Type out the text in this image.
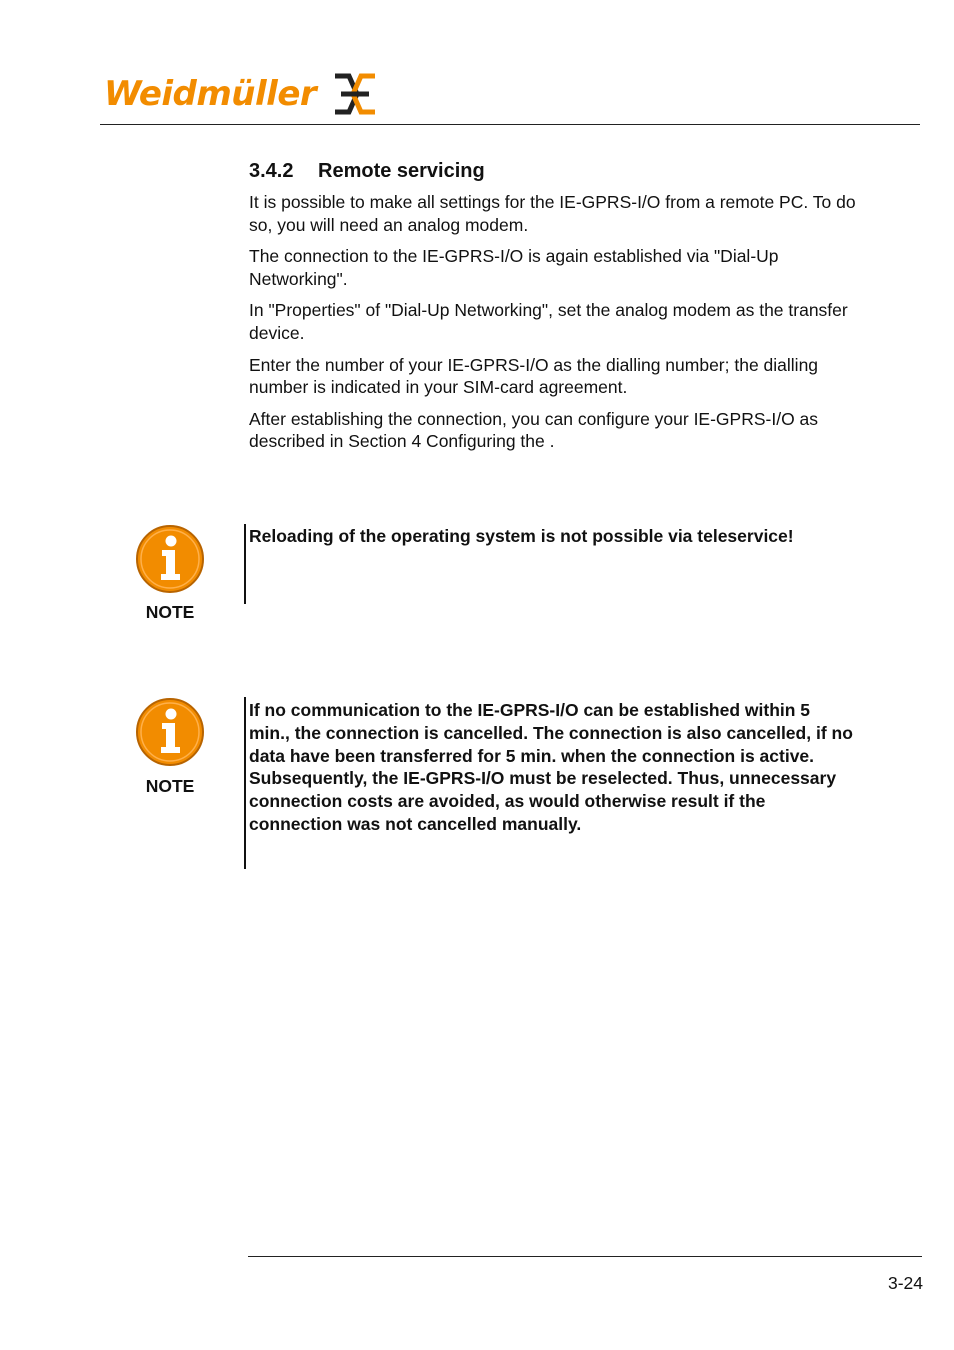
Weidmüller
3.4.2 Remote servicing

It is possible to make all settings for the IE-GPRS-I/O from a remote PC. To do so, you will need an analog modem.

The connection to the IE-GPRS-I/O is again established via "Dial-Up Networking".

In "Properties" of "Dial-Up Networking", set the analog modem as the transfer device.

Enter the number of your IE-GPRS-I/O as the dialling number; the dialling number is indicated in your SIM-card agreement.

After establishing the connection, you can configure your IE-GPRS-I/O as described in Section 4 Configuring the .

NOTE

Reloading of the operating system is not possible via teleservice!

NOTE

If no communication to the IE-GPRS-I/O can be established within 5 min., the connection is cancelled. The connection is also cancelled, if no data have been transferred for 5 min. when the connection is active. Subsequently, the IE-GPRS-I/O must be reselected. Thus, unnecessary connection costs are avoided, as would otherwise result if the connection was not cancelled manually.

3-24
